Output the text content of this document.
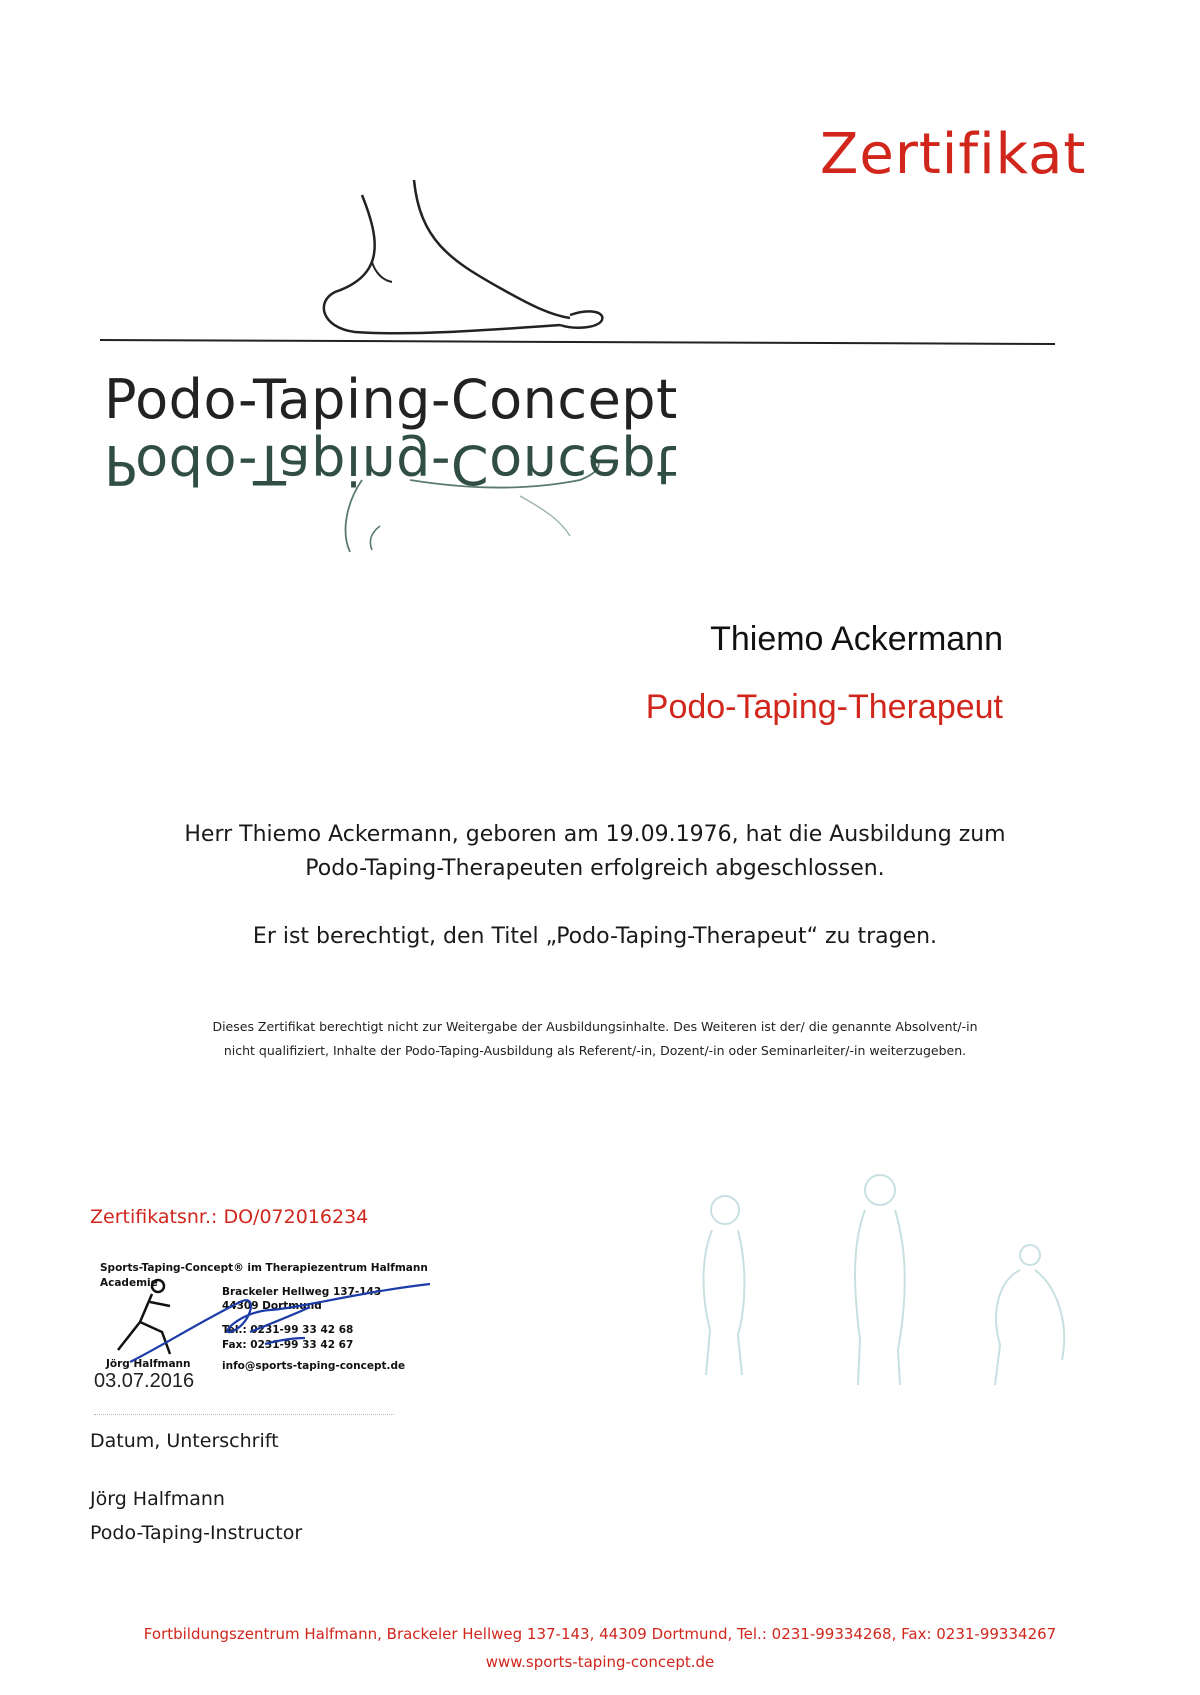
Zertifikat
Podo-Taping-Concept
Podo-Taping-Concept
Thiemo Ackermann
Podo-Taping-Therapeut
Herr Thiemo Ackermann, geboren am 19.09.1976, hat die Ausbildung zum
Podo-Taping-Therapeuten erfolgreich abgeschlossen.
Er ist berechtigt, den Titel „Podo-Taping-Therapeut“ zu tragen.
Dieses Zertifikat berechtigt nicht zur Weitergabe der Ausbildungsinhalte. Des Weiteren ist der/ die genannte Absolvent/-in
nicht qualifiziert, Inhalte der Podo-Taping-Ausbildung als Referent/-in, Dozent/-in oder Seminarleiter/-in weiterzugeben.
Zertifikatsnr.: DO/072016234
Sports-Taping-Concept® im Therapiezentrum Halfmann
Academie
Brackeler Hellweg 137-143
44309 Dortmund
Tel.: 0231-99 33 42 68
Fax: 0231-99 33 42 67
Jörg Halfmann	info@sports-taping-concept.de
03.07.2016
Datum, Unterschrift
Jörg Halfmann
Podo-Taping-Instructor
Fortbildungszentrum Halfmann, Brackeler Hellweg 137-143, 44309 Dortmund, Tel.: 0231-99334268, Fax: 0231-99334267
www.sports-taping-concept.de
